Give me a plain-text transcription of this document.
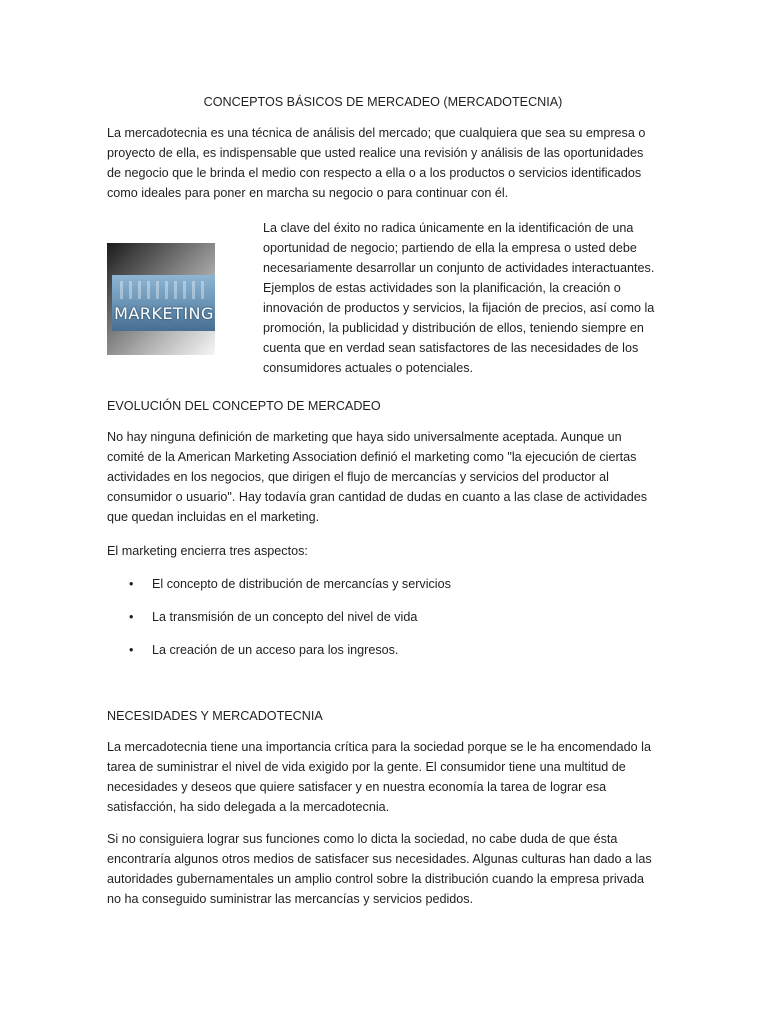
CONCEPTOS BÁSICOS DE MERCADEO (MERCADOTECNIA)

La mercadotecnia es una técnica de análisis del mercado; que cualquiera que sea su empresa o proyecto de ella, es indispensable que usted realice una revisión y análisis de las oportunidades de negocio que le brinda el medio con respecto a ella o a los productos o servicios identificados como ideales para poner en marcha su negocio o para continuar con él.

MARKETING

La clave del éxito no radica únicamente en la identificación de una oportunidad de negocio; partiendo de ella la empresa o usted debe necesariamente desarrollar un conjunto de actividades interactuantes. Ejemplos de estas actividades son la planificación, la creación o innovación de productos y servicios, la fijación de precios, así como la promoción, la publicidad y distribución de ellos, teniendo siempre en cuenta que en verdad sean satisfactores de las necesidades de los consumidores actuales o potenciales.

EVOLUCIÓN DEL CONCEPTO DE MERCADEO

No hay ninguna definición de marketing que haya sido universalmente aceptada. Aunque un comité de la American Marketing Association definió el marketing como "la ejecución de ciertas actividades en los negocios, que dirigen el flujo de mercancías y servicios del productor al consumidor o usuario". Hay todavía gran cantidad de dudas en cuanto a las clase de actividades que quedan incluidas en el marketing.

El marketing encierra tres aspectos:

• El concepto de distribución de mercancías y servicios
• La transmisión de un concepto del nivel de vida
• La creación de un acceso para los ingresos.
NECESIDADES Y MERCADOTECNIA

La mercadotecnia tiene una importancia crítica para la sociedad porque se le ha encomendado la tarea de suministrar el nivel de vida exigido por la gente. El consumidor tiene una multitud de necesidades y deseos que quiere satisfacer y en nuestra economía la tarea de lograr esa satisfacción, ha sido delegada a la mercadotecnia.

Si no consiguiera lograr sus funciones como lo dicta la sociedad, no cabe duda de que ésta encontraría algunos otros medios de satisfacer sus necesidades. Algunas culturas han dado a las autoridades gubernamentales un amplio control sobre la distribución cuando la empresa privada no ha conseguido suministrar las mercancías y servicios pedidos.
